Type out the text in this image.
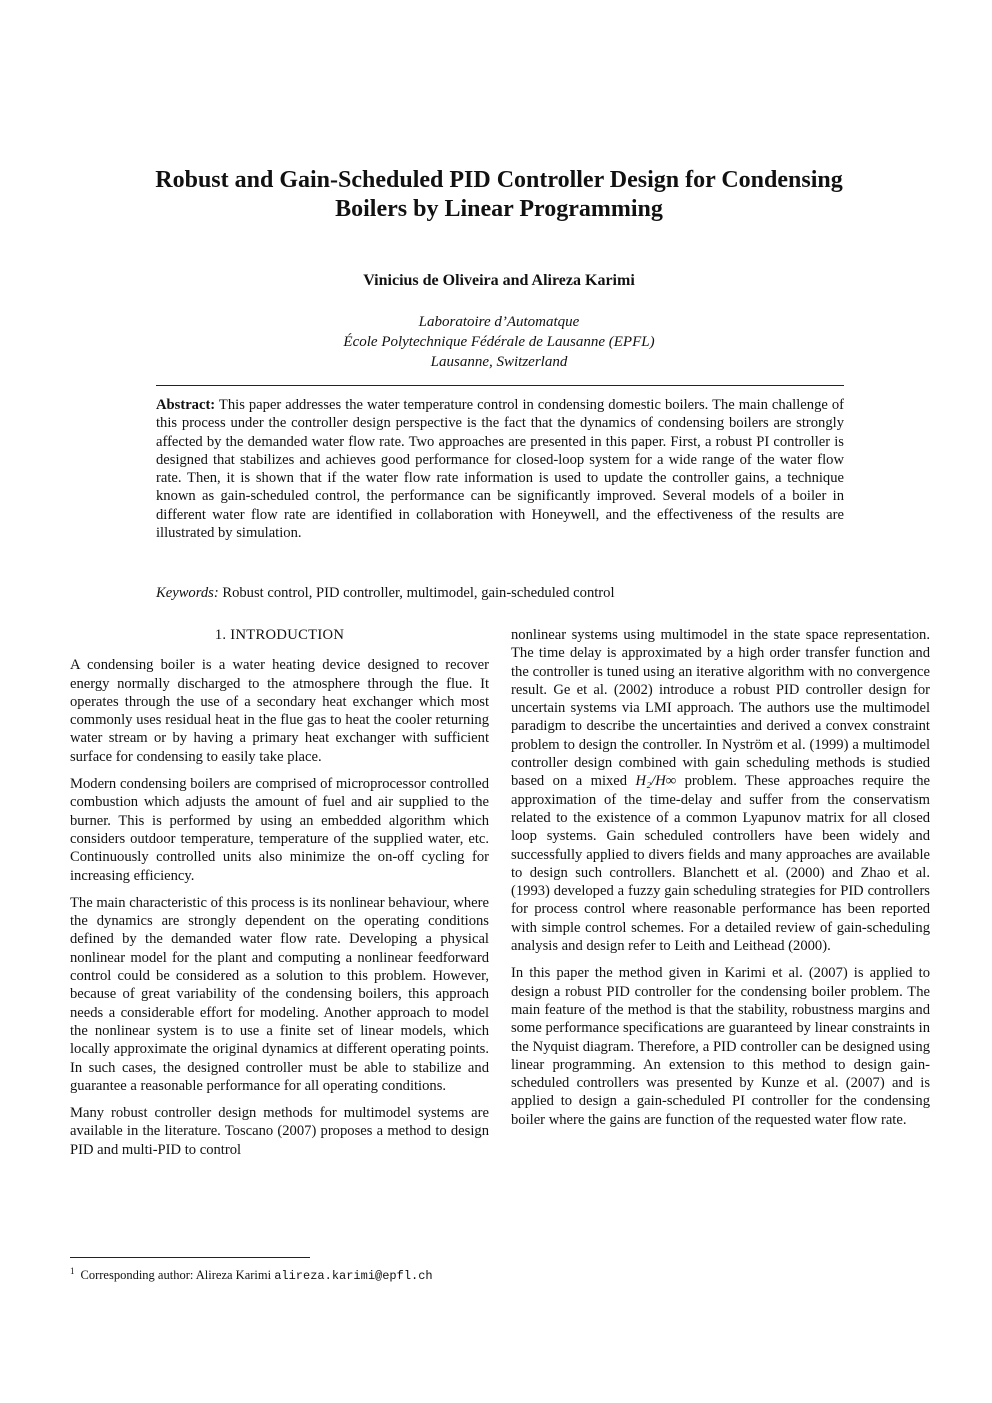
Robust and Gain-Scheduled PID Controller Design for Condensing Boilers by Linear Programming
Vinicius de Oliveira and Alireza Karimi
Laboratoire d’Automatque
École Polytechnique Fédérale de Lausanne (EPFL)
Lausanne, Switzerland

Abstract: This paper addresses the water temperature control in condensing domestic boilers. The main challenge of this process under the controller design perspective is the fact that the dynamics of condensing boilers are strongly affected by the demanded water flow rate. Two approaches are presented in this paper. First, a robust PI controller is designed that stabilizes and achieves good performance for closed-loop system for a wide range of the water flow rate. Then, it is shown that if the water flow rate information is used to update the controller gains, a technique known as gain-scheduled control, the performance can be significantly improved. Several models of a boiler in different water flow rate are identified in collaboration with Honeywell, and the effectiveness of the results are illustrated by simulation.

Keywords: Robust control, PID controller, multimodel, gain-scheduled control

1. INTRODUCTION

A condensing boiler is a water heating device designed to recover energy normally discharged to the atmosphere through the flue. It operates through the use of a secondary heat exchanger which most commonly uses residual heat in the flue gas to heat the cooler returning water stream or by having a primary heat exchanger with sufficient surface for condensing to easily take place.

Modern condensing boilers are comprised of microprocessor controlled combustion which adjusts the amount of fuel and air supplied to the burner. This is performed by using an embedded algorithm which considers outdoor temperature, temperature of the supplied water, etc. Continuously controlled units also minimize the on-off cycling for increasing efficiency.

The main characteristic of this process is its nonlinear behaviour, where the dynamics are strongly dependent on the operating conditions defined by the demanded water flow rate. Developing a physical nonlinear model for the plant and computing a nonlinear feedforward control could be considered as a solution to this problem. However, because of great variability of the condensing boilers, this approach needs a considerable effort for modeling. Another approach to model the nonlinear system is to use a finite set of linear models, which locally approximate the original dynamics at different operating points. In such cases, the designed controller must be able to stabilize and guarantee a reasonable performance for all operating conditions.

Many robust controller design methods for multimodel systems are available in the literature. Toscano (2007) proposes a method to design PID and multi-PID to control

nonlinear systems using multimodel in the state space representation. The time delay is approximated by a high order transfer function and the controller is tuned using an iterative algorithm with no convergence result. Ge et al. (2002) introduce a robust PID controller design for uncertain systems via LMI approach. The authors use the multimodel paradigm to describe the uncertainties and derived a convex constraint problem to design the controller. In Nyström et al. (1999) a multimodel controller design combined with gain scheduling methods is studied based on a mixed H₂/H∞ problem. These approaches require the approximation of the time-delay and suffer from the conservatism related to the existence of a common Lyapunov matrix for all closed loop systems. Gain scheduled controllers have been widely and successfully applied to divers fields and many approaches are available to design such controllers. Blanchett et al. (2000) and Zhao et al. (1993) developed a fuzzy gain scheduling strategies for PID controllers for process control where reasonable performance has been reported with simple control schemes. For a detailed review of gain-scheduling analysis and design refer to Leith and Leithead (2000).

In this paper the method given in Karimi et al. (2007) is applied to design a robust PID controller for the condensing boiler problem. The main feature of the method is that the stability, robustness margins and some performance specifications are guaranteed by linear constraints in the Nyquist diagram. Therefore, a PID controller can be designed using linear programming. An extension to this method to design gain-scheduled controllers was presented by Kunze et al. (2007) and is applied to design a gain-scheduled PI controller for the condensing boiler where the gains are function of the requested water flow rate.

$^1$ Corresponding author: Alireza Karimi alireza.karimi@epfl.ch
